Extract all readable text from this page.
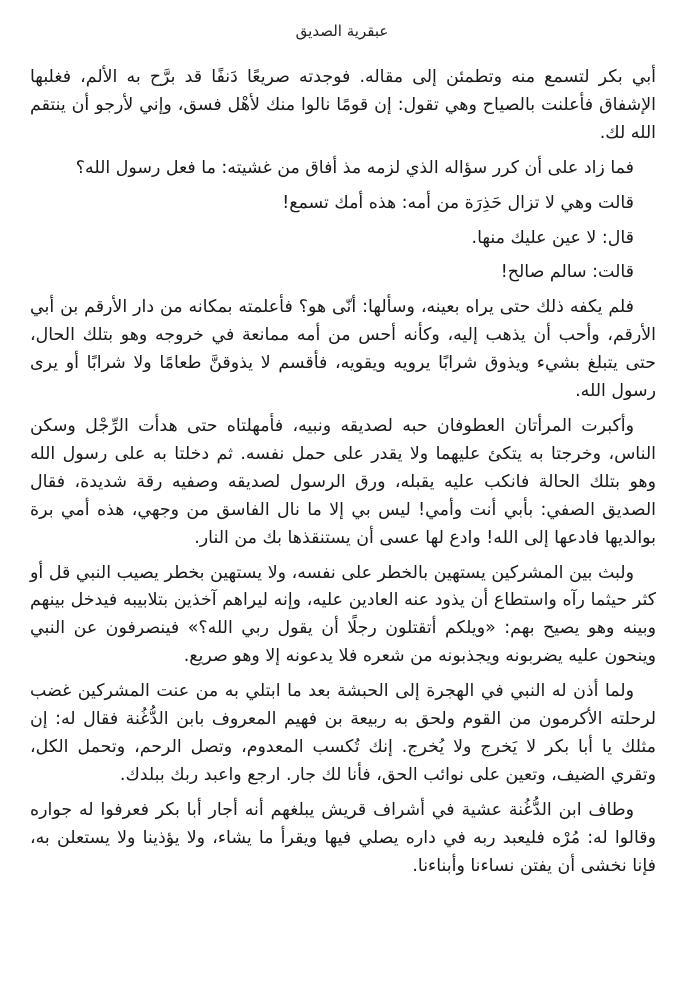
عبقرية الصديق

أبي بكر لتسمع منه وتطمئن إلى مقاله. فوجدته صريعًا دَنفًا قد برَّح به الألم، فغلبها الإشفاق فأعلنت بالصياح وهي تقول: إن قومًا نالوا منك لأهْل فسق، وإني لأرجو أن ينتقم الله لك.

فما زاد على أن كرر سؤاله الذي لزمه مذ أفاق من غشيته: ما فعل رسول الله؟

قالت وهي لا تزال حَذِرَة من أمه: هذه أمك تسمع!

قال: لا عين عليك منها.

قالت: سالم صالح!

فلم يكفه ذلك حتى يراه بعينه، وسألها: أنّى هو؟ فأعلمته بمكانه من دار الأرقم بن أبي الأرقم، وأحب أن يذهب إليه، وكأنه أحس من أمه ممانعة في خروجه وهو بتلك الحال، حتى يتبلغ بشيء ويذوق شرابًا يرويه ويقويه، فأقسم لا يذوقنَّ طعامًا ولا شرابًا أو يرى رسول الله.

وأكبرت المرأتان العطوفان حبه لصديقه ونبيه، فأمهلتاه حتى هدأت الرِّجْل وسكن الناس، وخرجتا به يتكئ عليهما ولا يقدر على حمل نفسه. ثم دخلتا به على رسول الله وهو بتلك الحالة فانكب عليه يقبله، ورق الرسول لصديقه وصفيه رقة شديدة، فقال الصديق الصفي: بأبي أنت وأمي! ليس بي إلا ما نال الفاسق من وجهي، هذه أمي برة بوالديها فادعها إلى الله! وادع لها عسى أن يستنقذها بك من النار.

ولبث بين المشركين يستهين بالخطر على نفسه، ولا يستهين بخطر يصيب النبي قل أو كثر حيثما رآه واستطاع أن يذود عنه العادين عليه، وإنه ليراهم آخذين بتلابيبه فيدخل بينهم وبينه وهو يصيح بهم: «ويلكم أتقتلون رجلًا أن يقول ربي الله؟» فينصرفون عن النبي وينحون عليه يضربونه ويجذبونه من شعره فلا يدعونه إلا وهو صريع.

ولما أذن له النبي في الهجرة إلى الحبشة بعد ما ابتلي به من عنت المشركين غضب لرحلته الأكرمون من القوم ولحق به ربيعة بن فهيم المعروف بابن الدُّغُنة فقال له: إن مثلك يا أبا بكر لا يَخرج ولا يُخرج. إنك تُكسب المعدوم، وتصل الرحم، وتحمل الكل، وتقري الضيف، وتعين على نوائب الحق، فأنا لك جار. ارجع واعبد ربك ببلدك.

وطاف ابن الدُّغُنة عشية في أشراف قريش يبلغهم أنه أجار أبا بكر فعرفوا له جواره وقالوا له: مُرْه فليعبد ربه في داره يصلي فيها ويقرأ ما يشاء، ولا يؤذينا ولا يستعلن به، فإنا نخشى أن يفتن نساءنا وأبناءنا.
